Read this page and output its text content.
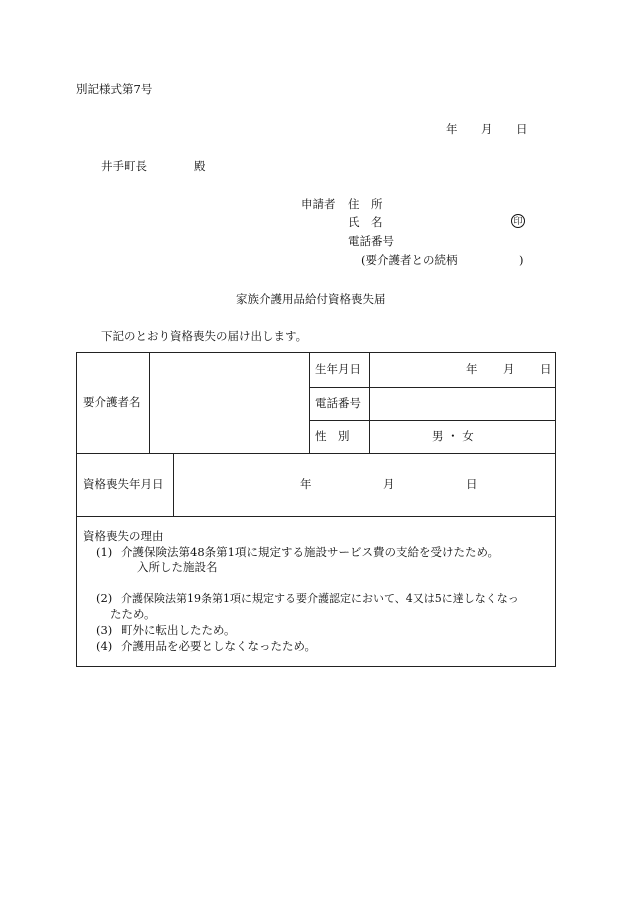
別記様式第7号
年 月 日
井手町長	殿
申請者 住　所
氏　名	印
電話番号
(要介護者との続柄	)
家族介護用品給付資格喪失届
下記のとおり資格喪失の届け出します。
要介護者名
生年月日	年 月 日
電話番号
性　別	男 ・ 女
資格喪失年月日	年	月	日
資格喪失の理由
(1) 介護保険法第48条第1項に規定する施設サービス費の支給を受けたため。
入所した施設名
(2) 介護保険法第19条第1項に規定する要介護認定において、4又は5に達しなくなっ
たため。
(3) 町外に転出したため。
(4) 介護用品を必要としなくなったため。
